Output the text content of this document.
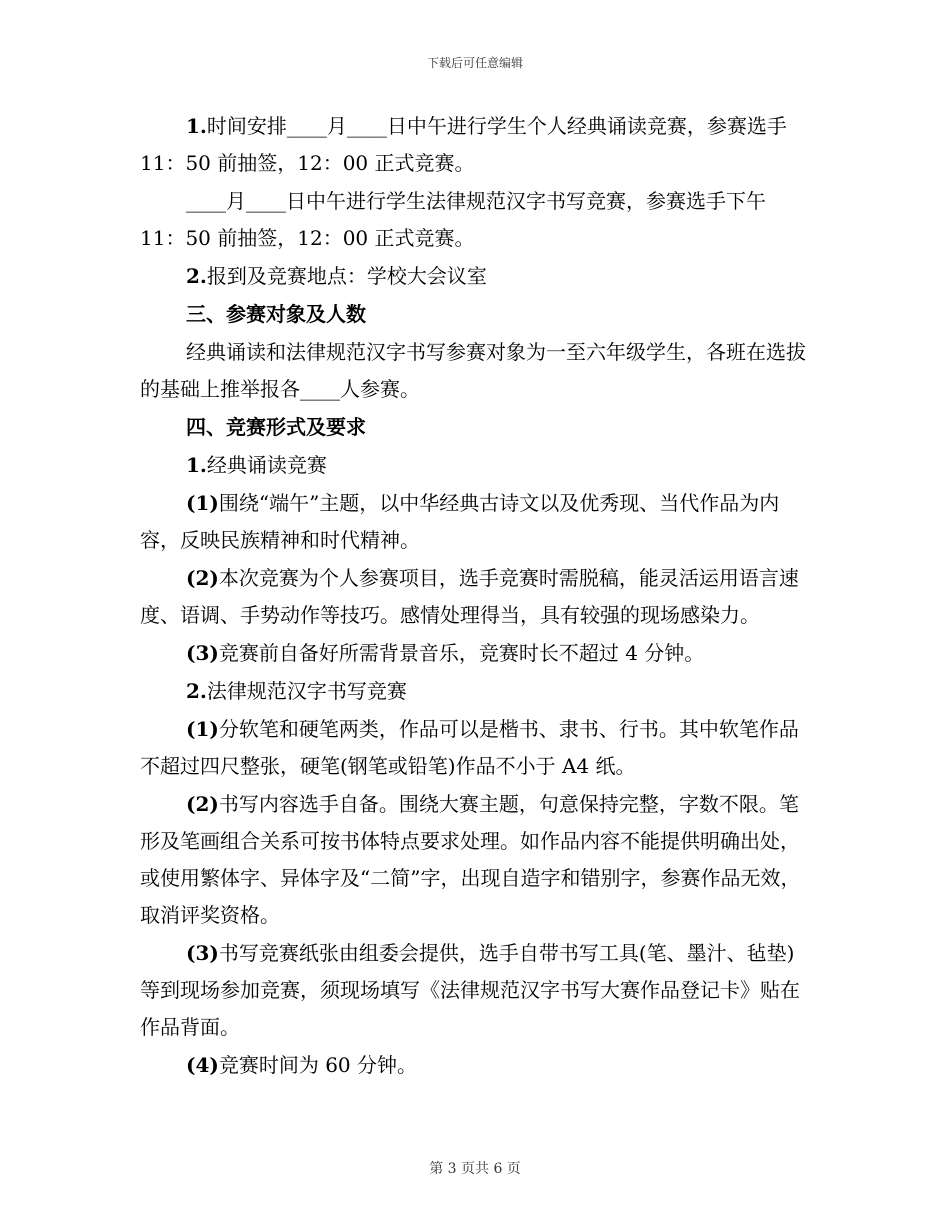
下载后可任意编辑

1.时间安排____月____日中午进行学生个人经典诵读竞赛，参赛选手 11：50 前抽签，12：00 正式竞赛。

____月____日中午进行学生法律规范汉字书写竞赛，参赛选手下午 11：50 前抽签，12：00 正式竞赛。

2.报到及竞赛地点：学校大会议室

三、参赛对象及人数

经典诵读和法律规范汉字书写参赛对象为一至六年级学生，各班在选拔的基础上推举报各____人参赛。

四、竞赛形式及要求

1.经典诵读竞赛

(1)围绕“端午”主题，以中华经典古诗文以及优秀现、当代作品为内容，反映民族精神和时代精神。

(2)本次竞赛为个人参赛项目，选手竞赛时需脱稿，能灵活运用语言速度、语调、手势动作等技巧。感情处理得当，具有较强的现场感染力。

(3)竞赛前自备好所需背景音乐，竞赛时长不超过 4 分钟。

2.法律规范汉字书写竞赛

(1)分软笔和硬笔两类，作品可以是楷书、隶书、行书。其中软笔作品不超过四尺整张，硬笔(钢笔或铅笔)作品不小于 A4 纸。

(2)书写内容选手自备。围绕大赛主题，句意保持完整，字数不限。笔形及笔画组合关系可按书体特点要求处理。如作品内容不能提供明确出处，或使用繁体字、异体字及“二简”字，出现自造字和错别字，参赛作品无效，取消评奖资格。

(3)书写竞赛纸张由组委会提供，选手自带书写工具(笔、墨汁、毡垫)等到现场参加竞赛，须现场填写《法律规范汉字书写大赛作品登记卡》贴在作品背面。

(4)竞赛时间为 60 分钟。

第 3 页共 6 页
